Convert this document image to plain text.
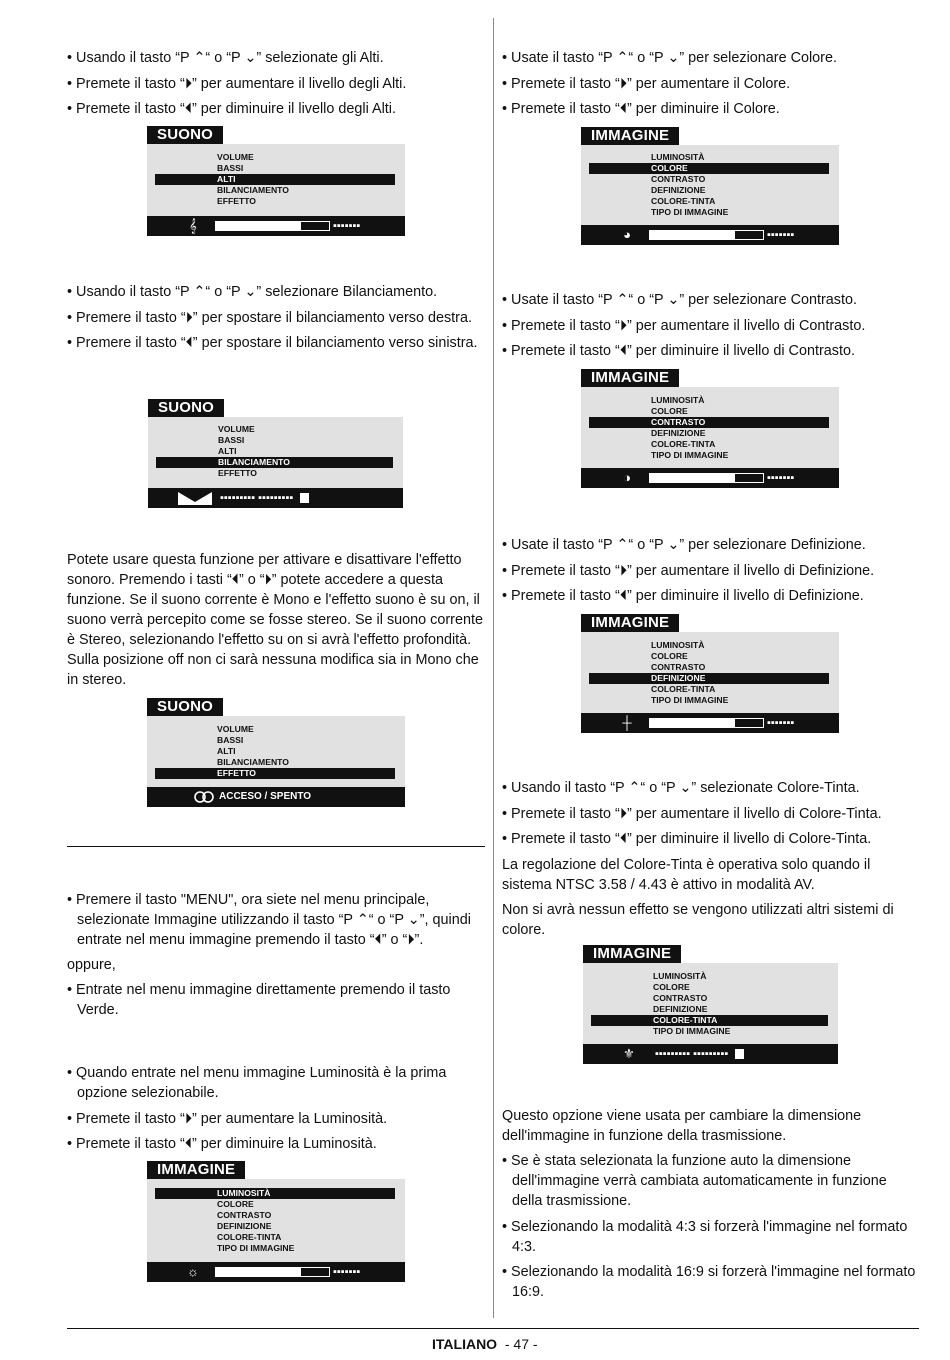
• Usando il tasto “P ⌃“ o “P ⌄” selezionate gli Alti.
• Premete il tasto “⏵” per aumentare il livello degli Alti.
• Premete il tasto “⏴” per diminuire il livello degli Alti.
SUONO
VOLUME
BASSI
ALTI
BILANCIAMENTO
EFFETTO
𝄞	▪▪▪▪▪▪▪
• Usando il tasto “P ⌃“ o “P ⌄” selezionare Bilanciamento.
• Premere il tasto “⏵” per spostare il bilanciamento verso destra.
• Premere il tasto “⏴” per spostare il bilanciamento verso sinistra.
SUONO
VOLUME
BASSI
ALTI
BILANCIAMENTO
EFFETTO
▪▪▪▪▪▪▪▪▪ ▪▪▪▪▪▪▪▪▪
Potete usare questa funzione per attivare e disattivare l'effetto sonoro. Premendo i tasti “⏴” o “⏵” potete accedere a questa funzione. Se il suono corrente è Mono e l'effetto suono è su on, il suono verrà percepito come se fosse stereo. Se il suono corrente è Stereo, selezionando l'effetto su on si avrà l'effetto profondità. Sulla posizione off non ci sarà nessuna modifica sia in Mono che in stereo.
SUONO
VOLUME
BASSI
ALTI
BILANCIAMENTO
EFFETTO
ACCESO / SPENTO
• Premere il tasto "MENU", ora siete nel menu principale, selezionate Immagine utilizzando il tasto “P ⌃“ o “P ⌄”, quindi entrate nel menu immagine premendo il tasto “⏴” o “⏵”.
oppure,
• Entrate nel menu immagine direttamente premendo il tasto Verde.
• Quando entrate nel menu immagine Luminosità è la prima opzione selezionabile.
• Premete il tasto “⏵” per aumentare la Luminosità.
• Premete il tasto “⏴” per diminuire la Luminosità.
IMMAGINE
LUMINOSITÀ
COLORE
CONTRASTO
DEFINIZIONE
COLORE-TINTA
TIPO DI IMMAGINE
☼	▪▪▪▪▪▪▪
• Usate il tasto “P ⌃“ o “P ⌄” per selezionare Colore.
• Premete il tasto “⏵” per aumentare il Colore.
• Premete il tasto “⏴” per diminuire il Colore.
IMMAGINE
LUMINOSITÀ
COLORE
CONTRASTO
DEFINIZIONE
COLORE-TINTA
TIPO DI IMMAGINE
◕	▪▪▪▪▪▪▪
• Usate il tasto “P ⌃“ o “P ⌄” per selezionare Contrasto.
• Premete il tasto “⏵” per aumentare il livello di Contrasto.
• Premete il tasto “⏴” per diminuire il livello di Contrasto.
IMMAGINE
LUMINOSITÀ
COLORE
CONTRASTO
DEFINIZIONE
COLORE-TINTA
TIPO DI IMMAGINE
◑	▪▪▪▪▪▪▪
• Usate il tasto “P ⌃“ o “P ⌄” per selezionare Definizione.
• Premete il tasto “⏵” per aumentare il livello di Definizione.
• Premete il tasto “⏴” per diminuire il livello di Definizione.
IMMAGINE
LUMINOSITÀ
COLORE
CONTRASTO
DEFINIZIONE
COLORE-TINTA
TIPO DI IMMAGINE
┼	▪▪▪▪▪▪▪
• Usando il tasto “P ⌃“ o “P ⌄” selezionate Colore-Tinta.
• Premete il tasto “⏵” per aumentare il livello di Colore-Tinta.
• Premete il tasto “⏴” per diminuire il livello di Colore-Tinta.
La regolazione del Colore-Tinta è operativa solo quando il sistema NTSC 3.58 / 4.43 è attivo in modalità AV.
Non si avrà nessun effetto se vengono utilizzati altri sistemi di colore.
IMMAGINE
LUMINOSITÀ
COLORE
CONTRASTO
DEFINIZIONE
COLORE-TINTA
TIPO DI IMMAGINE
⚜ ▪▪▪▪▪▪▪▪▪ ▪▪▪▪▪▪▪▪▪
Questo opzione viene usata per cambiare la dimensione dell'immagine in funzione della trasmissione.
• Se è stata selezionata la funzione auto la dimensione dell'immagine verrà cambiata automaticamente in funzione della trasmissione.
• Selezionando la modalità 4:3 si forzerà l'immagine nel formato 4:3.
• Selezionando la modalità 16:9 si forzerà l'immagine nel formato 16:9.
ITALIANO  - 47 -
